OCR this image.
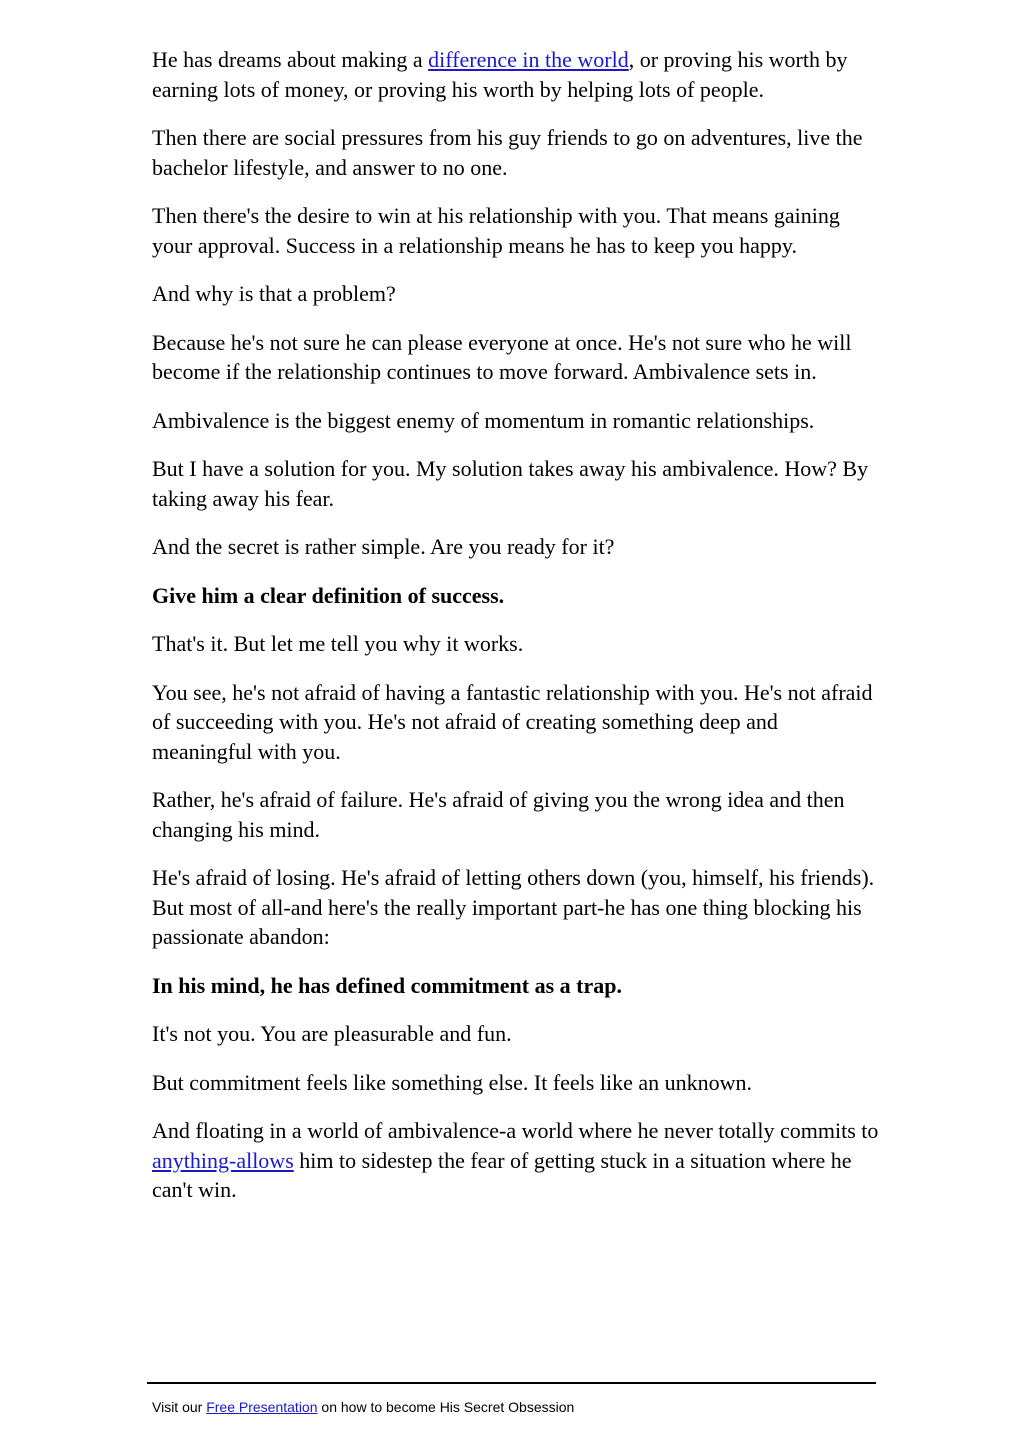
He has dreams about making a difference in the world, or proving his worth by earning lots of money, or proving his worth by helping lots of people.

Then there are social pressures from his guy friends to go on adventures, live the bachelor lifestyle, and answer to no one.

Then there's the desire to win at his relationship with you. That means gaining your approval. Success in a relationship means he has to keep you happy.

And why is that a problem?

Because he's not sure he can please everyone at once. He's not sure who he will become if the relationship continues to move forward. Ambivalence sets in.

Ambivalence is the biggest enemy of momentum in romantic relationships.

But I have a solution for you. My solution takes away his ambivalence. How? By taking away his fear.

And the secret is rather simple. Are you ready for it?

Give him a clear definition of success.

That's it. But let me tell you why it works.

You see, he's not afraid of having a fantastic relationship with you. He's not afraid of succeeding with you. He's not afraid of creating something deep and meaningful with you.

Rather, he's afraid of failure. He's afraid of giving you the wrong idea and then changing his mind.

He's afraid of losing. He's afraid of letting others down (you, himself, his friends). But most of all-and here's the really important part-he has one thing blocking his passionate abandon:

In his mind, he has defined commitment as a trap.

It's not you. You are pleasurable and fun.

But commitment feels like something else. It feels like an unknown.

And floating in a world of ambivalence-a world where he never totally commits to anything-allows him to sidestep the fear of getting stuck in a situation where he can't win.

Visit our Free Presentation on how to become His Secret Obsession
